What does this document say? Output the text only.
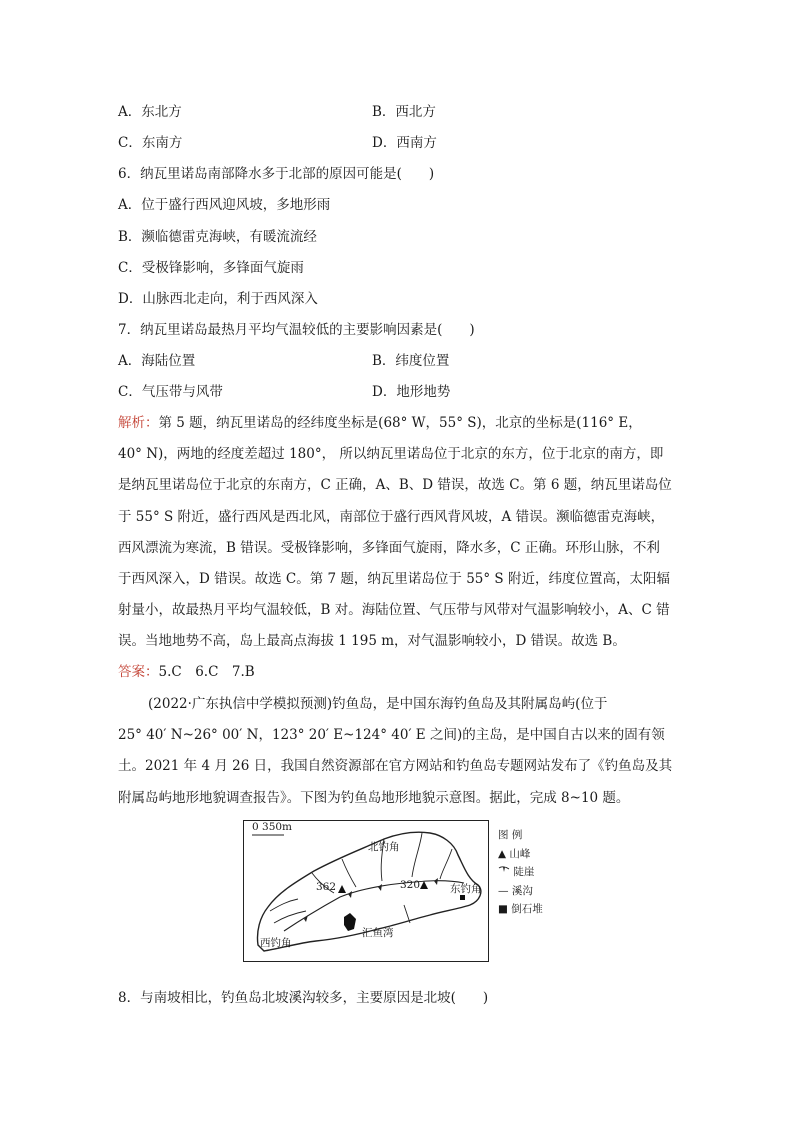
A．东北方	B．西北方
C．东南方	D．西南方
6．纳瓦里诺岛南部降水多于北部的原因可能是(　　)
A．位于盛行西风迎风坡，多地形雨
B．濒临德雷克海峡，有暖流流经
C．受极锋影响，多锋面气旋雨
D．山脉西北走向，利于西风深入
7．纳瓦里诺岛最热月平均气温较低的主要影响因素是(　　)
A．海陆位置	B．纬度位置
C．气压带与风带	D．地形地势
解析：第 5 题，纳瓦里诺岛的经纬度坐标是(68° W，55° S)，北京的坐标是(116° E，
40° N)，两地的经度差超过 180°， 所以纳瓦里诺岛位于北京的东方，位于北京的南方，即
是纳瓦里诺岛位于北京的东南方，C 正确，A、B、D 错误，故选 C。第 6 题，纳瓦里诺岛位
于 55° S 附近，盛行西风是西北风，南部位于盛行西风背风坡，A 错误。濒临德雷克海峡，
西风漂流为寒流，B 错误。受极锋影响，多锋面气旋雨，降水多，C 正确。环形山脉，不利
于西风深入，D 错误。故选 C。第 7 题，纳瓦里诺岛位于 55° S 附近，纬度位置高，太阳辐
射量小，故最热月平均气温较低，B 对。海陆位置、气压带与风带对气温影响较小，A、C 错
误。当地地势不高，岛上最高点海拔 1 195 m，对气温影响较小，D 错误。故选 B。
答案：5.C　6.C　7.B
(2022·广东执信中学模拟预测)钓鱼岛，是中国东海钓鱼岛及其附属岛屿(位于
25° 40′ N~26° 00′ N，123° 20′ E~124° 40′ E 之间)的主岛，是中国自古以来的固有领
土。2021 年 4 月 26 日，我国自然资源部在官方网站和钓鱼岛专题网站发布了《钓鱼岛及其
附属岛屿地形地貌调查报告》。下图为钓鱼岛地形地貌示意图。据此，完成 8~10 题。
0 350m
北钓角
东钓角
西钓角
汇鱼湾
362	320
图 例
▲ 山峰
陡崖
— 溪沟
■ 倒石堆
8．与南坡相比，钓鱼岛北坡溪沟较多，主要原因是北坡(　　)
